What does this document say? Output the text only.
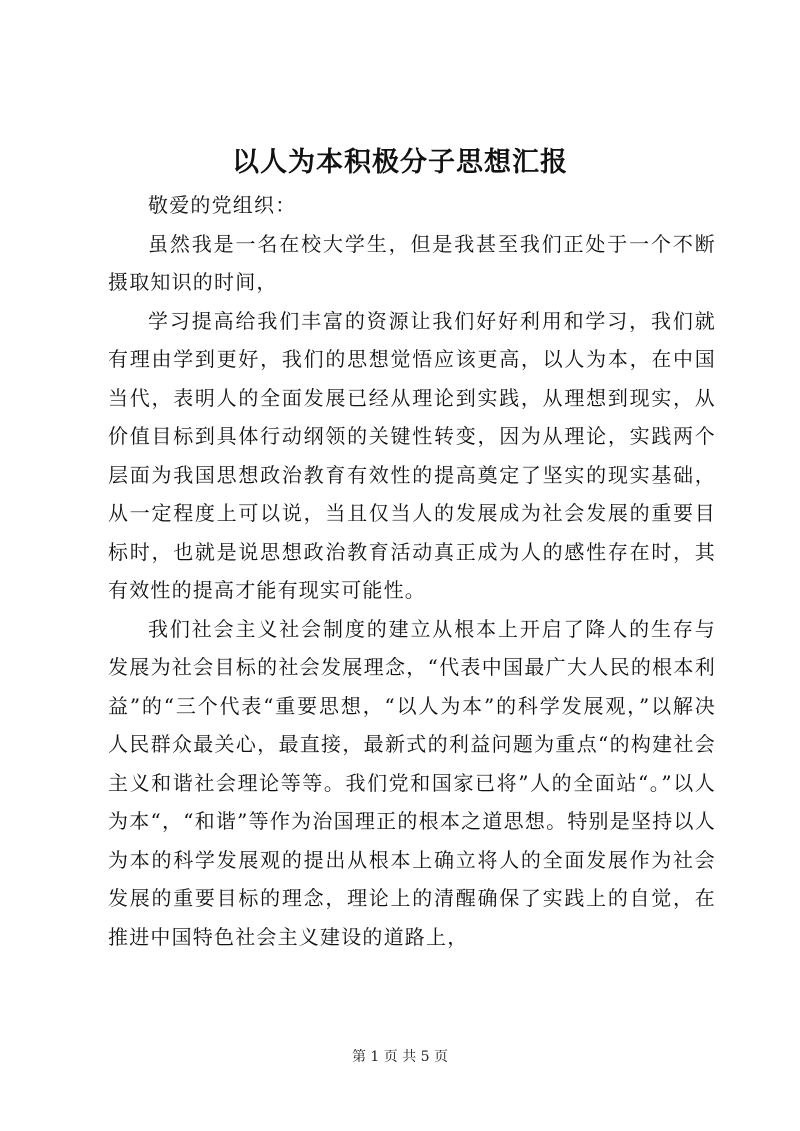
以人为本积极分子思想汇报

敬爱的党组织：

虽然我是一名在校大学生，但是我甚至我们正处于一个不断摄取知识的时间，

学习提高给我们丰富的资源让我们好好利用和学习，我们就有理由学到更好，我们的思想觉悟应该更高，以人为本，在中国当代，表明人的全面发展已经从理论到实践，从理想到现实，从价值目标到具体行动纲领的关键性转变，因为从理论，实践两个层面为我国思想政治教育有效性的提高奠定了坚实的现实基础，从一定程度上可以说，当且仅当人的发展成为社会发展的重要目标时，也就是说思想政治教育活动真正成为人的感性存在时，其有效性的提高才能有现实可能性。

我们社会主义社会制度的建立从根本上开启了降人的生存与发展为社会目标的社会发展理念，“代表中国最广大人民的根本利益”的“三个代表“重要思想，“以人为本”的科学发展观，”以解决人民群众最关心，最直接，最新式的利益问题为重点“的构建社会主义和谐社会理论等等。我们党和国家已将”人的全面站“。”以人为本“，“和谐”等作为治国理正的根本之道思想。特别是坚持以人为本的科学发展观的提出从根本上确立将人的全面发展作为社会发展的重要目标的理念，理论上的清醒确保了实践上的自觉，在推进中国特色社会主义建设的道路上，

第 1 页 共 5 页
